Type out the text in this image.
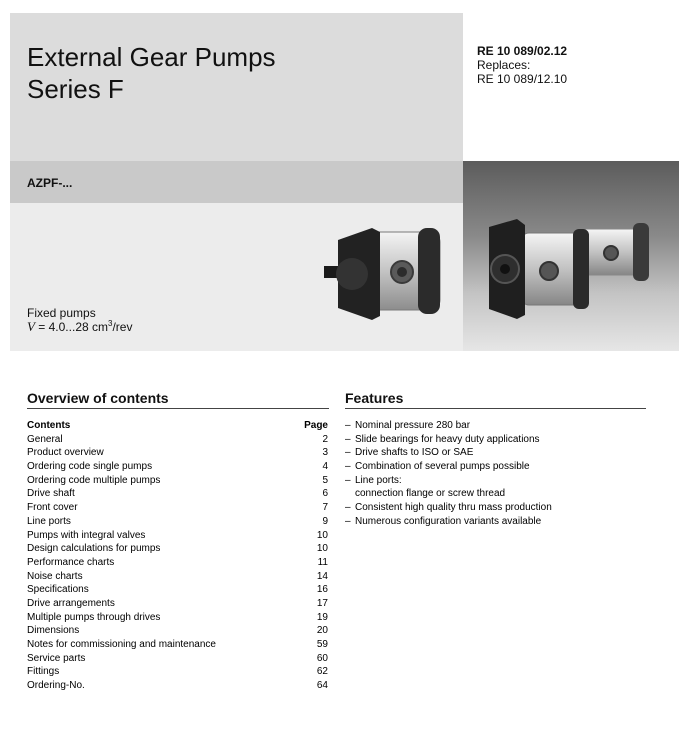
External Gear Pumps
Series F
RE 10 089/02.12
Replaces:
RE 10 089/12.10
AZPF-...
Fixed pumps
V = 4.0...28 $cm^3$/rev
Overview of contents
Contents	Page
General	2
Product overview	3
Ordering code single pumps	4
Ordering code multiple pumps	5
Drive shaft	6
Front cover	7
Line ports	9
Pumps with integral valves	10
Design calculations for pumps	10
Performance charts	11
Noise charts	14
Specifications	16
Drive arrangements	17
Multiple pumps through drives	19
Dimensions	20
Notes for commissioning and maintenance	59
Service parts	60
Fittings	62
Ordering-No.	64
Features
– Nominal pressure 280 bar
– Slide bearings for heavy duty applications
– Drive shafts to ISO or SAE
– Combination of several pumps possible
– Line ports:
connection flange or screw thread
– Consistent high quality thru mass production
– Numerous configuration variants available
